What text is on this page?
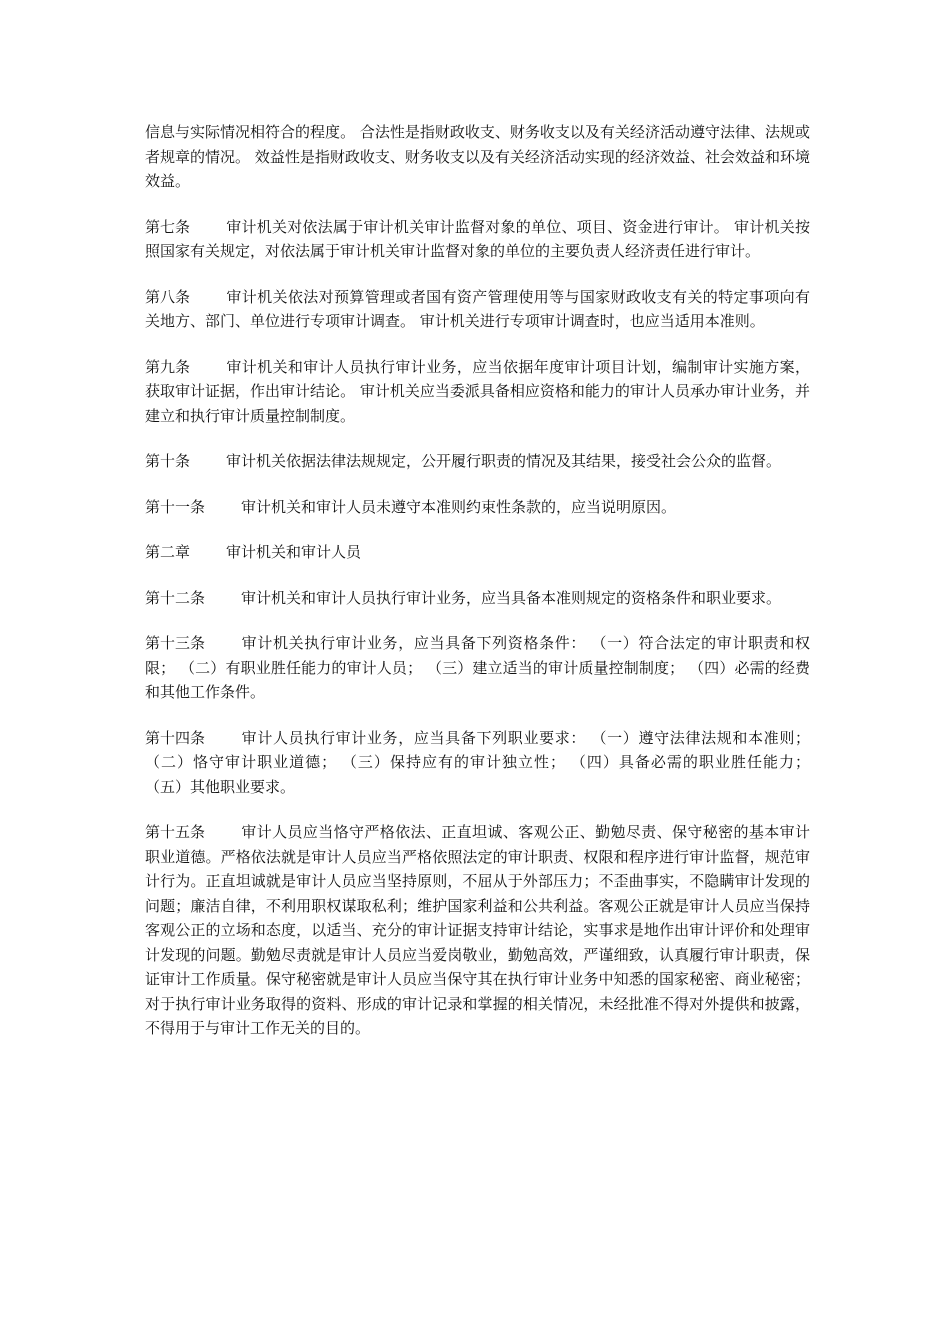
信息与实际情况相符合的程度。 合法性是指财政收支、财务收支以及有关经济活动遵守法律、法规或者规章的情况。 效益性是指财政收支、财务收支以及有关经济活动实现的经济效益、社会效益和环境效益。

第七条 审计机关对依法属于审计机关审计监督对象的单位、项目、资金进行审计。 审计机关按照国家有关规定，对依法属于审计机关审计监督对象的单位的主要负责人经济责任进行审计。

第八条 审计机关依法对预算管理或者国有资产管理使用等与国家财政收支有关的特定事项向有关地方、部门、单位进行专项审计调查。 审计机关进行专项审计调查时，也应当适用本准则。

第九条 审计机关和审计人员执行审计业务，应当依据年度审计项目计划，编制审计实施方案，获取审计证据，作出审计结论。 审计机关应当委派具备相应资格和能力的审计人员承办审计业务，并建立和执行审计质量控制制度。

第十条 审计机关依据法律法规规定，公开履行职责的情况及其结果，接受社会公众的监督。

第十一条 审计机关和审计人员未遵守本准则约束性条款的，应当说明原因。

第二章 审计机关和审计人员

第十二条 审计机关和审计人员执行审计业务，应当具备本准则规定的资格条件和职业要求。

第十三条 审计机关执行审计业务，应当具备下列资格条件： （一）符合法定的审计职责和权限； （二）有职业胜任能力的审计人员； （三）建立适当的审计质量控制制度； （四）必需的经费和其他工作条件。

第十四条 审计人员执行审计业务，应当具备下列职业要求： （一）遵守法律法规和本准则； （二）恪守审计职业道德； （三）保持应有的审计独立性； （四）具备必需的职业胜任能力； （五）其他职业要求。

第十五条 审计人员应当恪守严格依法、正直坦诚、客观公正、勤勉尽责、保守秘密的基本审计职业道德。严格依法就是审计人员应当严格依照法定的审计职责、权限和程序进行审计监督，规范审计行为。正直坦诚就是审计人员应当坚持原则，不屈从于外部压力；不歪曲事实，不隐瞒审计发现的问题；廉洁自律，不利用职权谋取私利；维护国家利益和公共利益。客观公正就是审计人员应当保持客观公正的立场和态度，以适当、充分的审计证据支持审计结论，实事求是地作出审计评价和处理审计发现的问题。勤勉尽责就是审计人员应当爱岗敬业，勤勉高效，严谨细致，认真履行审计职责，保证审计工作质量。保守秘密就是审计人员应当保守其在执行审计业务中知悉的国家秘密、商业秘密；对于执行审计业务取得的资料、形成的审计记录和掌握的相关情况，未经批准不得对外提供和披露，不得用于与审计工作无关的目的。
